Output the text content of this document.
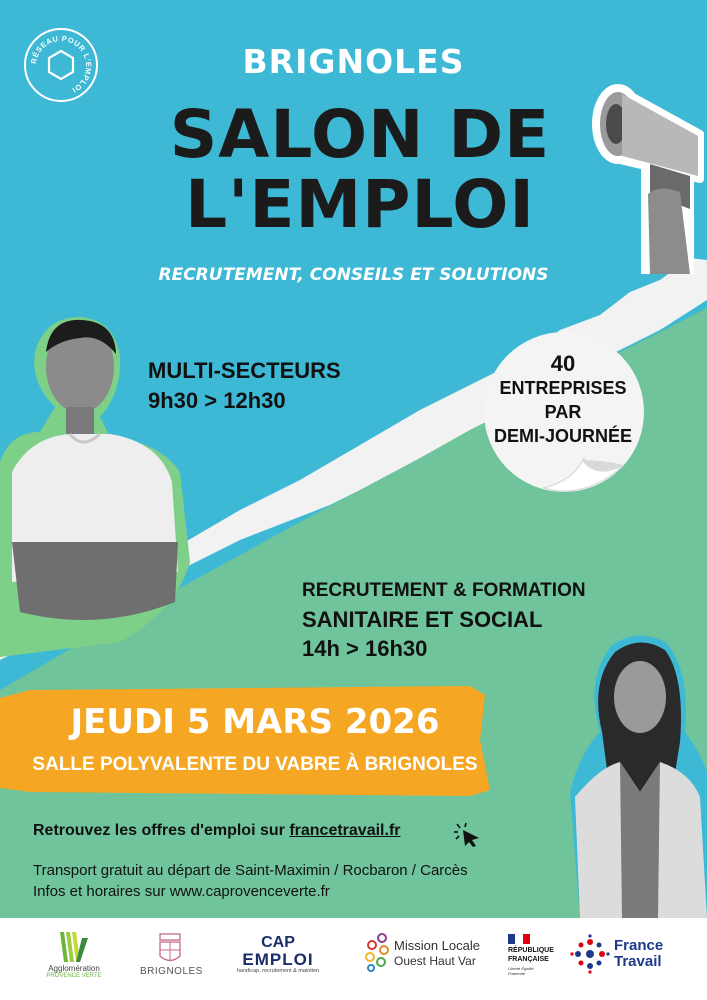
RÉSEAU POUR L'EMPLOI
BRIGNOLES
SALON DE
L'EMPLOI
RECRUTEMENT, CONSEILS ET SOLUTIONS
MULTI-SECTEURS
9h30 > 12h30
40
ENTREPRISES
PAR
DEMI-JOURNÉE
RECRUTEMENT & FORMATION
SANITAIRE ET SOCIAL
14h > 16h30
JEUDI 5 MARS 2026
SALLE POLYVALENTE DU VABRE À BRIGNOLES
Retrouvez les offres d'emploi sur francetravail.fr
Transport gratuit au départ de Saint-Maximin / Rocbaron / Carcès
Infos et horaires sur www.caprovenceverte.fr
Agglomération
PROVENCE VERTE	BRIGNOLES
CAP
EMPLOI
handicap, recrutement & maintien
Mission Locale
Ouest Haut Var
RÉPUBLIQUE
FRANÇAISE
Liberté Égalité Fraternité
France
Travail
